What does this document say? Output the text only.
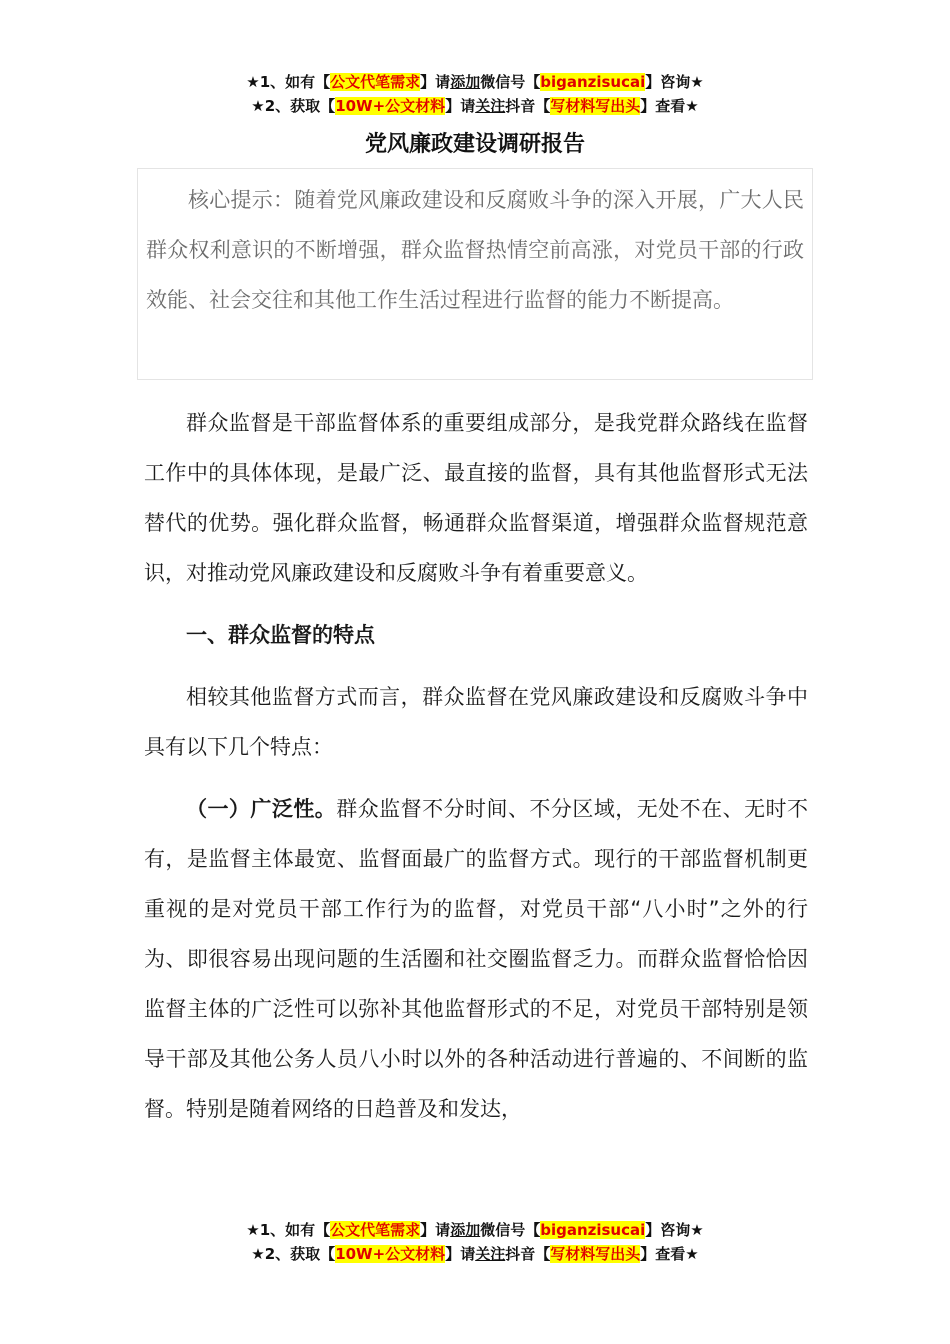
★1、如有【公文代笔需求】请添加微信号【biganzisucai】咨询★
★2、获取【10W+公文材料】请关注抖音【写材料写出头】查看★
党风廉政建设调研报告
核心提示：随着党风廉政建设和反腐败斗争的深入开展，广大人民群众权利意识的不断增强，群众监督热情空前高涨，对党员干部的行政效能、社会交往和其他工作生活过程进行监督的能力不断提高。

群众监督是干部监督体系的重要组成部分，是我党群众路线在监督工作中的具体体现，是最广泛、最直接的监督，具有其他监督形式无法替代的优势。强化群众监督，畅通群众监督渠道，增强群众监督规范意识，对推动党风廉政建设和反腐败斗争有着重要意义。

一、群众监督的特点

相较其他监督方式而言，群众监督在党风廉政建设和反腐败斗争中具有以下几个特点：

（一）广泛性。群众监督不分时间、不分区域，无处不在、无时不有，是监督主体最宽、监督面最广的监督方式。现行的干部监督机制更重视的是对党员干部工作行为的监督，对党员干部“八小时”之外的行为、即很容易出现问题的生活圈和社交圈监督乏力。而群众监督恰恰因监督主体的广泛性可以弥补其他监督形式的不足，对党员干部特别是领导干部及其他公务人员八小时以外的各种活动进行普遍的、不间断的监督。特别是随着网络的日趋普及和发达，

★1、如有【公文代笔需求】请添加微信号【biganzisucai】咨询★
★2、获取【10W+公文材料】请关注抖音【写材料写出头】查看★
